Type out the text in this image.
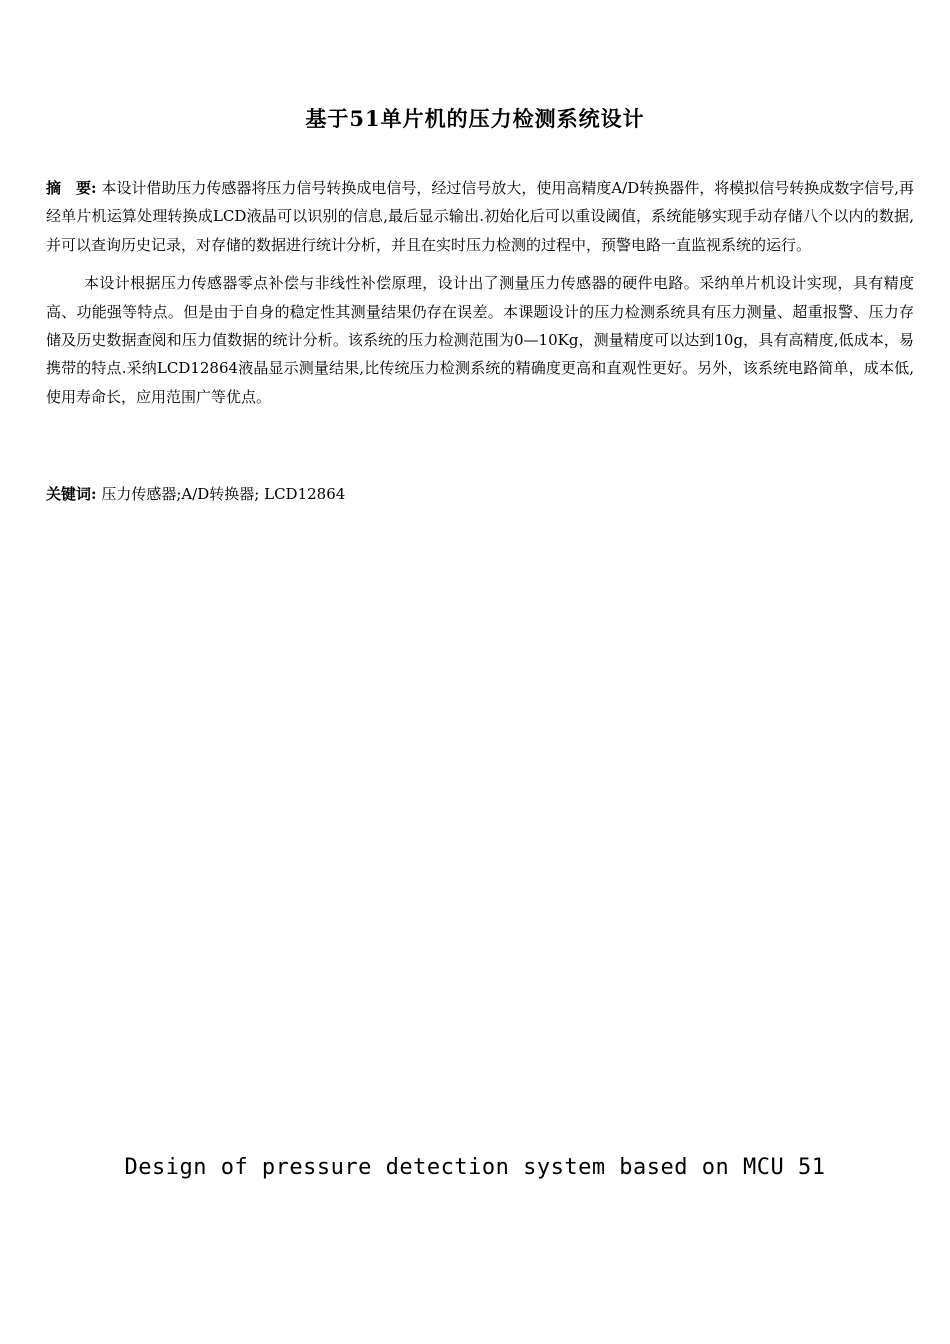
基于51单片机的压力检测系统设计

摘　要: 本设计借助压力传感器将压力信号转换成电信号，经过信号放大，使用高精度A/D转换器件，将模拟信号转换成数字信号,再经单片机运算处理转换成LCD液晶可以识别的信息,最后显示输出.初始化后可以重设阈值，系统能够实现手动存储八个以内的数据,并可以查询历史记录，对存储的数据进行统计分析，并且在实时压力检测的过程中，预警电路一直监视系统的运行。

本设计根据压力传感器零点补偿与非线性补偿原理，设计出了测量压力传感器的硬件电路。采纳单片机设计实现，具有精度高、功能强等特点。但是由于自身的稳定性其测量结果仍存在误差。本课题设计的压力检测系统具有压力测量、超重报警、压力存储及历史数据查阅和压力值数据的统计分析。该系统的压力检测范围为0—10Kg，测量精度可以达到10g，具有高精度,低成本，易携带的特点.采纳LCD12864液晶显示测量结果,比传统压力检测系统的精确度更高和直观性更好。另外，该系统电路简单，成本低,使用寿命长，应用范围广等优点。

关键词: 压力传感器;A/D转换器; LCD12864
Design of pressure detection system based on MCU 51
